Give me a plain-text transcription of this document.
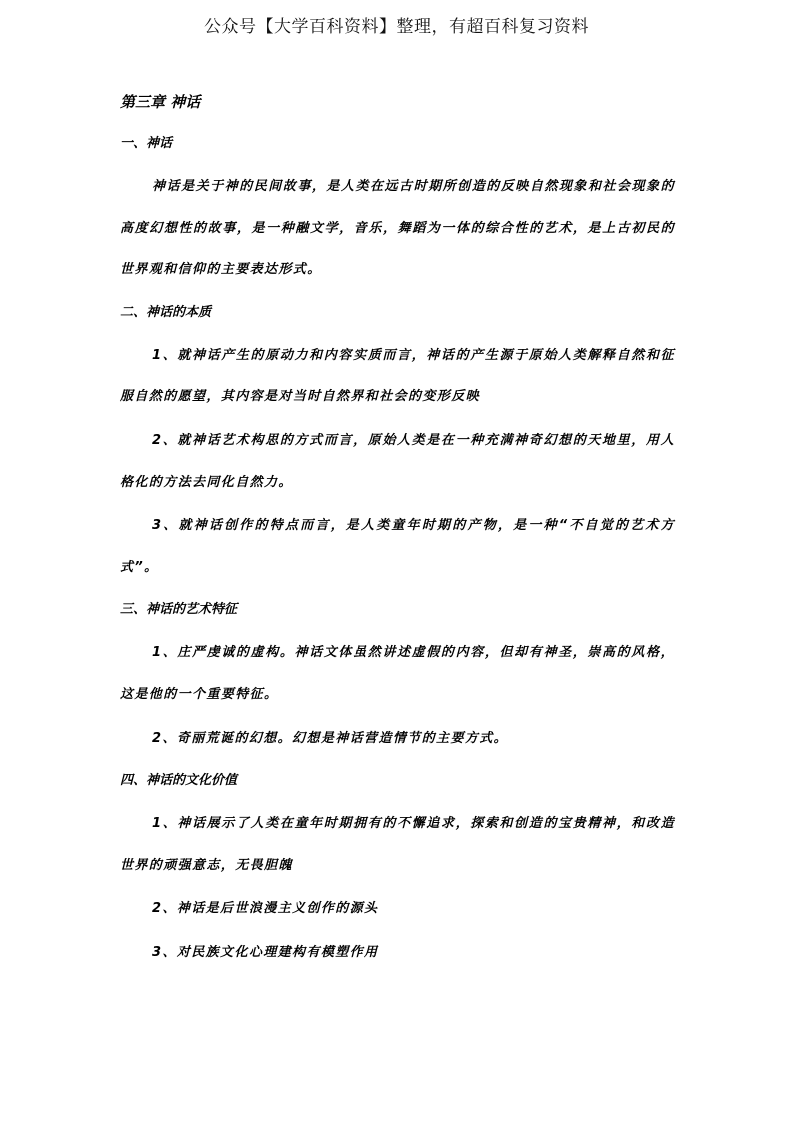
公众号【大学百科资料】整理，有超百科复习资料
第三章 神话
一、神话

神话是关于神的民间故事，是人类在远古时期所创造的反映自然现象和社会现象的高度幻想性的故事，是一种融文学，音乐，舞蹈为一体的综合性的艺术，是上古初民的世界观和信仰的主要表达形式。

二、神话的本质

1、就神话产生的原动力和内容实质而言，神话的产生源于原始人类解释自然和征服自然的愿望，其内容是对当时自然界和社会的变形反映

2、就神话艺术构思的方式而言，原始人类是在一种充满神奇幻想的天地里，用人格化的方法去同化自然力。

3、就神话创作的特点而言，是人类童年时期的产物，是一种“不自觉的艺术方式”。

三、神话的艺术特征

1、庄严虔诚的虚构。神话文体虽然讲述虚假的内容，但却有神圣，崇高的风格，这是他的一个重要特征。

2、奇丽荒诞的幻想。幻想是神话营造情节的主要方式。

四、神话的文化价值

1、神话展示了人类在童年时期拥有的不懈追求，探索和创造的宝贵精神，和改造世界的顽强意志，无畏胆魄

2、神话是后世浪漫主义创作的源头

3、对民族文化心理建构有模塑作用
